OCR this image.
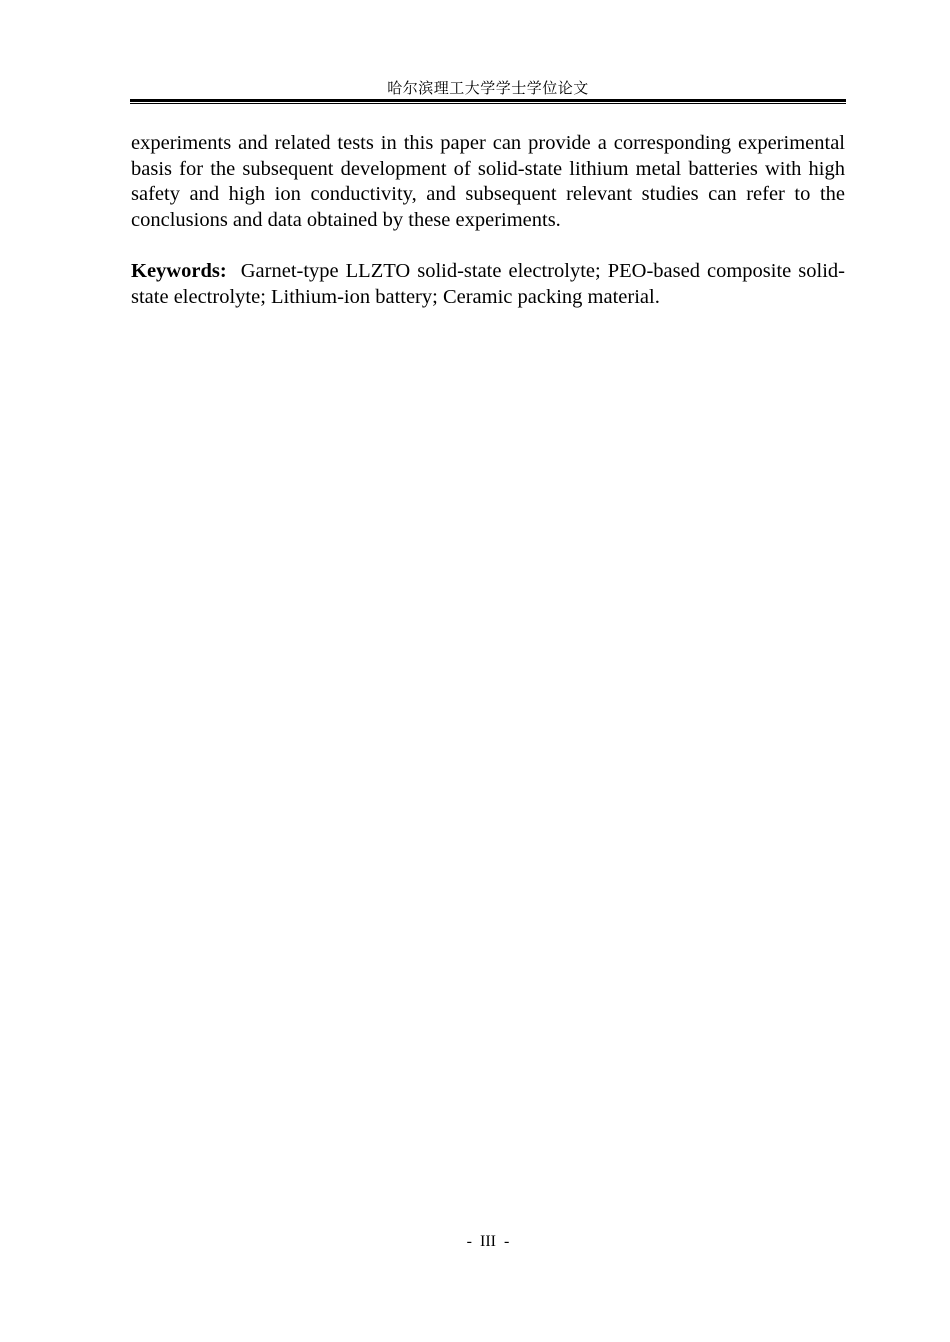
哈尔滨理工大学学士学位论文

experiments and related tests in this paper can provide a corresponding experimental basis for the subsequent development of solid-state lithium metal batteries with high safety and high ion conductivity, and subsequent relevant studies can refer to the conclusions and data obtained by these experiments.

Keywords: Garnet-type LLZTO solid-state electrolyte; PEO-based composite solid-state electrolyte; Lithium-ion battery; Ceramic packing material.

- III -
